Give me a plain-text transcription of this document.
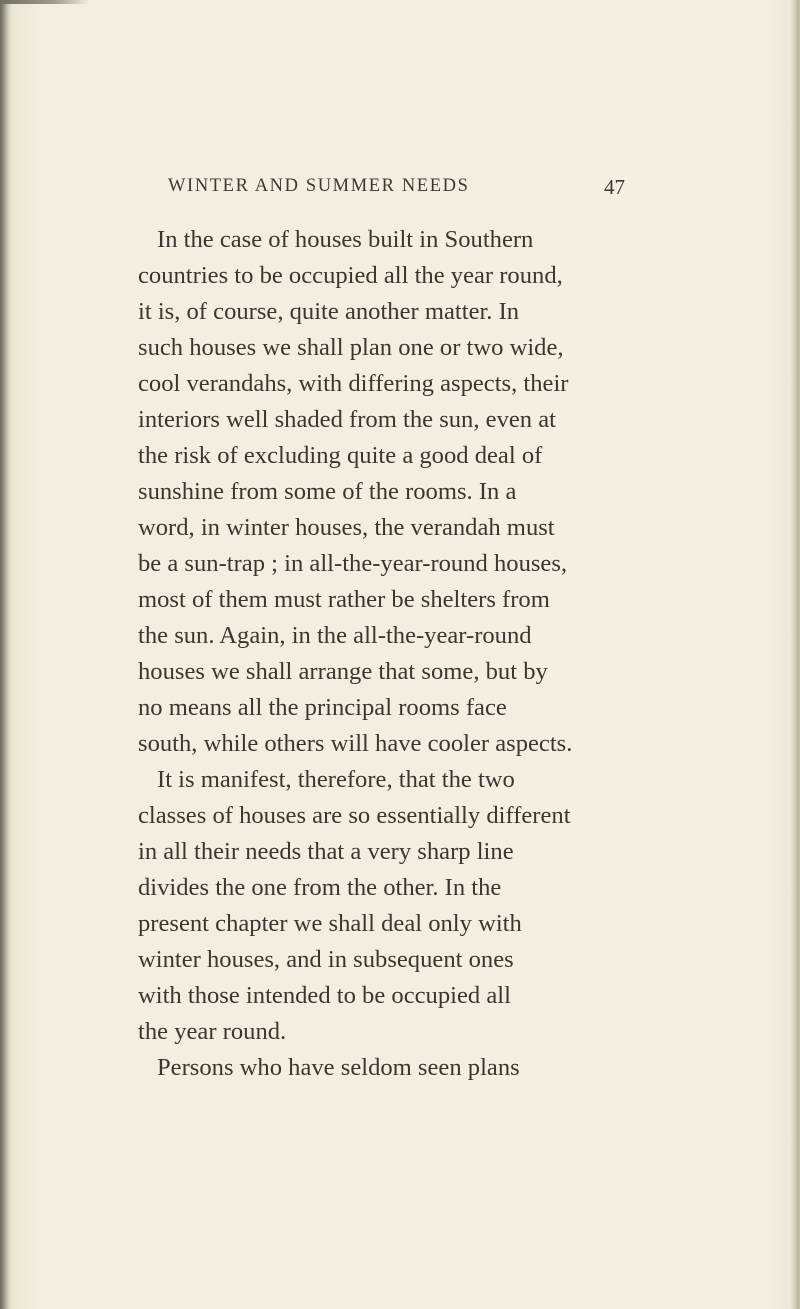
WINTER AND SUMMER NEEDS	47
In the case of houses built in Southern
countries to be occupied all the year round,
it is, of course, quite another matter. In
such houses we shall plan one or two wide,
cool verandahs, with differing aspects, their
interiors well shaded from the sun, even at
the risk of excluding quite a good deal of
sunshine from some of the rooms. In a
word, in winter houses, the verandah must
be a sun-trap ; in all-the-year-round houses,
most of them must rather be shelters from
the sun. Again, in the all-the-year-round
houses we shall arrange that some, but by
no means all the principal rooms face
south, while others will have cooler aspects.
It is manifest, therefore, that the two
classes of houses are so essentially different
in all their needs that a very sharp line
divides the one from the other. In the
present chapter we shall deal only with
winter houses, and in subsequent ones
with those intended to be occupied all
the year round.
Persons who have seldom seen plans
